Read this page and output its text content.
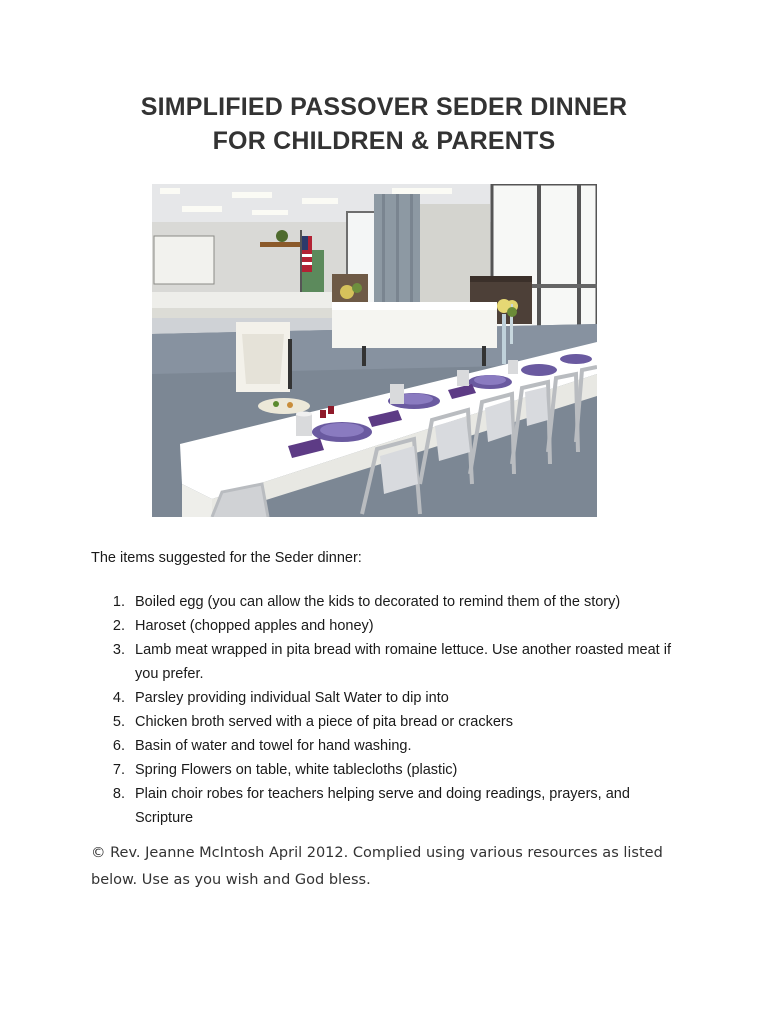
SIMPLIFIED PASSOVER SEDER DINNER
FOR CHILDREN & PARENTS

The items suggested for the Seder dinner:

1. Boiled egg (you can allow the kids to decorated to remind them of the story)
2. Haroset (chopped apples and honey)
3. Lamb meat wrapped in pita bread with romaine lettuce. Use another roasted meat if you prefer.
4. Parsley providing individual Salt Water to dip into
5. Chicken broth served with a piece of pita bread or crackers
6. Basin of water and towel for hand washing.
7. Spring Flowers on table, white tablecloths (plastic)
8. Plain choir robes for teachers helping serve and doing readings, prayers, and Scripture

© Rev. Jeanne McIntosh April 2012. Complied using various resources as listed below. Use as you wish and God bless.
